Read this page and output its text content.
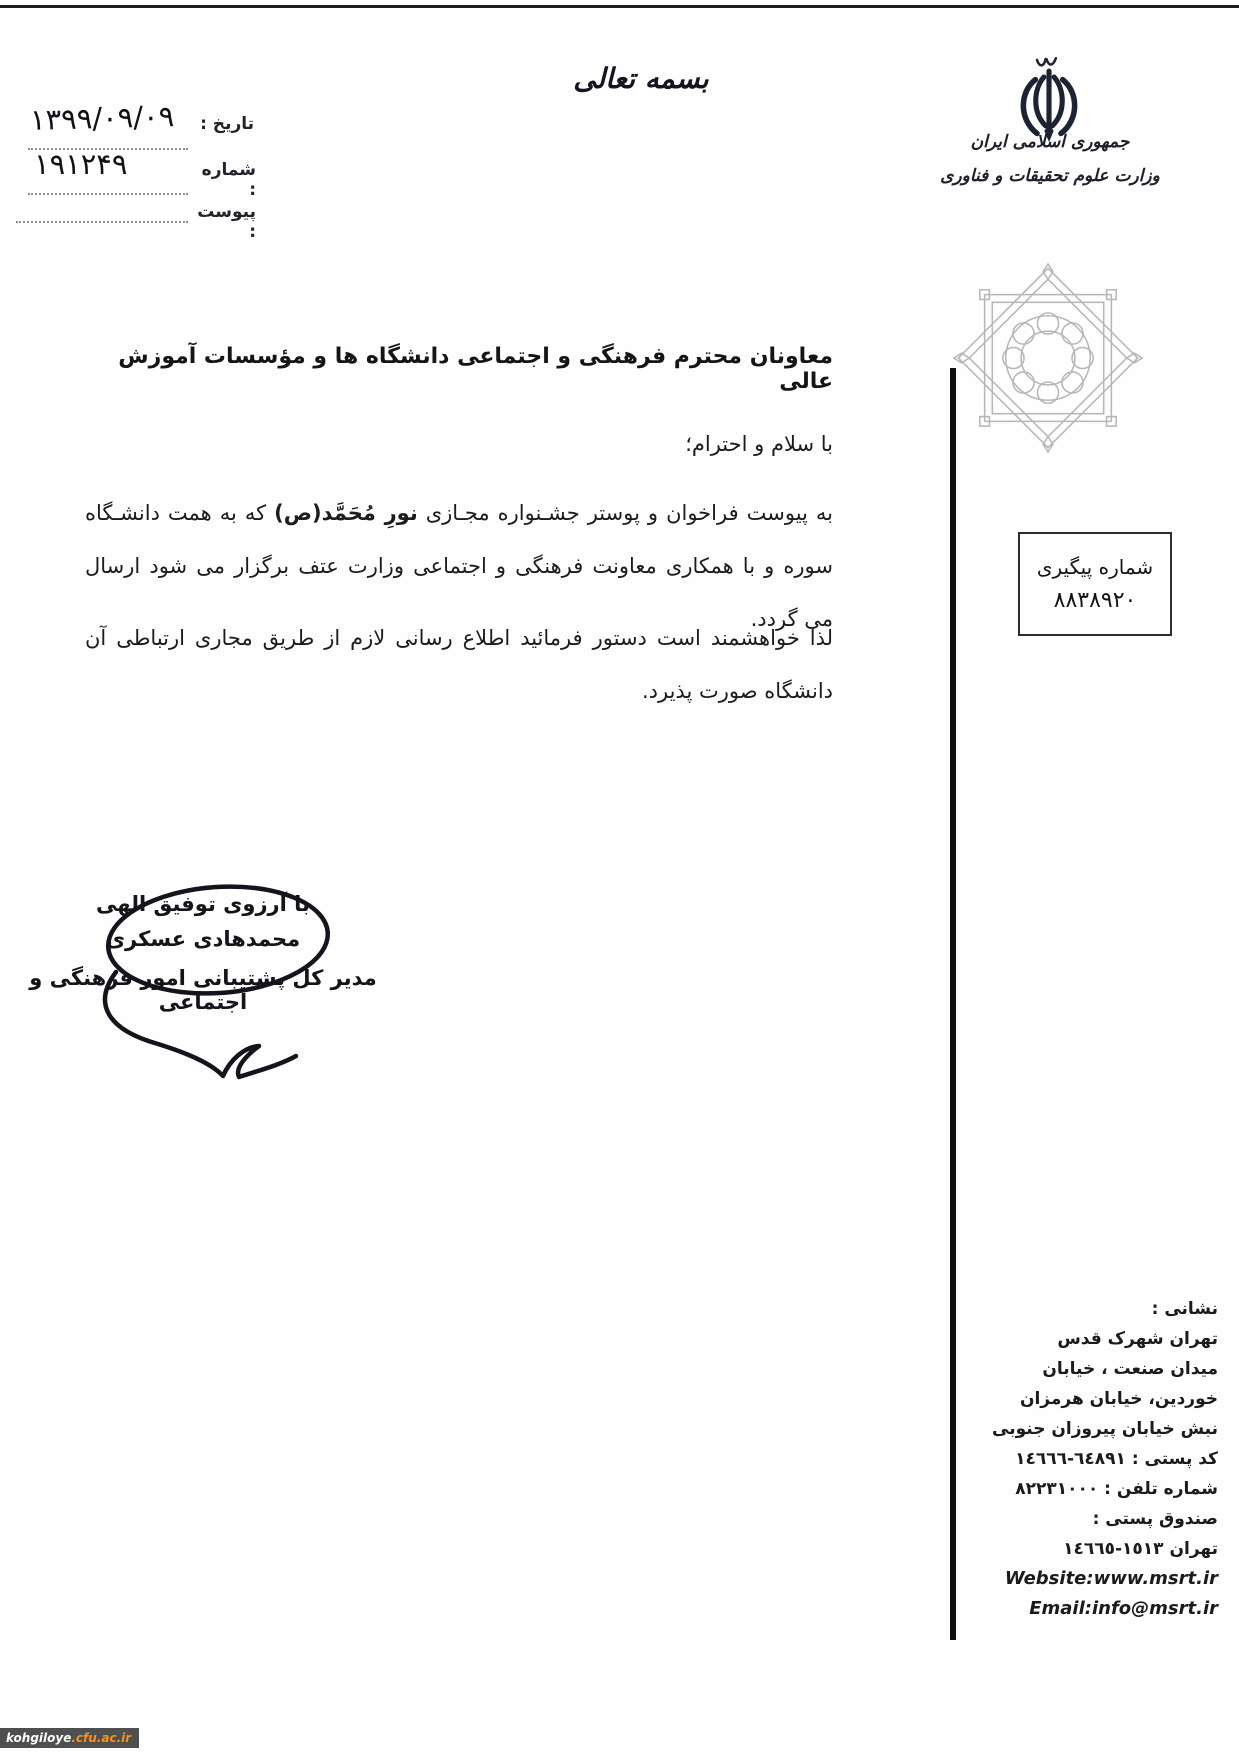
بسمه تعالی
جمهوری اسلامی ایران
وزارت علوم تحقیقات و فناوری
تاریخ :
۱۳۹۹/۰۹/۰۹
شماره :
۱۹۱۲۴۹
پیوست :
شماره پیگیری
۸۸۳۸۹۲۰
معاونان محترم فرهنگی و اجتماعی دانشگاه ها و مؤسسات آموزش عالی
با سلام و احترام؛

به پیوست فراخوان و پوستر جشـنواره مجـازی نورِ مُحَمَّد(ص) که به همت دانشـگاه سوره و با همکاری معاونت فرهنگی و اجتماعی وزارت عتف برگزار می شود ارسال می گردد.

لذا خواهشمند است دستور فرمائید اطلاع رسانی لازم از طریق مجاری ارتباطی آن دانشگاه صورت پذیرد.

با آرزوی توفیق الهی
محمدهادی عسکری
مدیر کل پشتیبانی امور فرهنگی و اجتماعی
نشانی :
تهران شهرک قدس
میدان صنعت ، خیابان
خوردین، خیابان هرمزان
نبش خیابان پیروزان جنوبی
کد پستی : ٦٤٨٩١-١٤٦٦٦
شماره تلفن : ٨٢٢٣١٠٠٠
صندوق پستی :
تهران ١٥١٣-١٤٦٦٥
Website:www.msrt.ir
Email:info@msrt.ir
kohgiloye .cfu.ac.ir
